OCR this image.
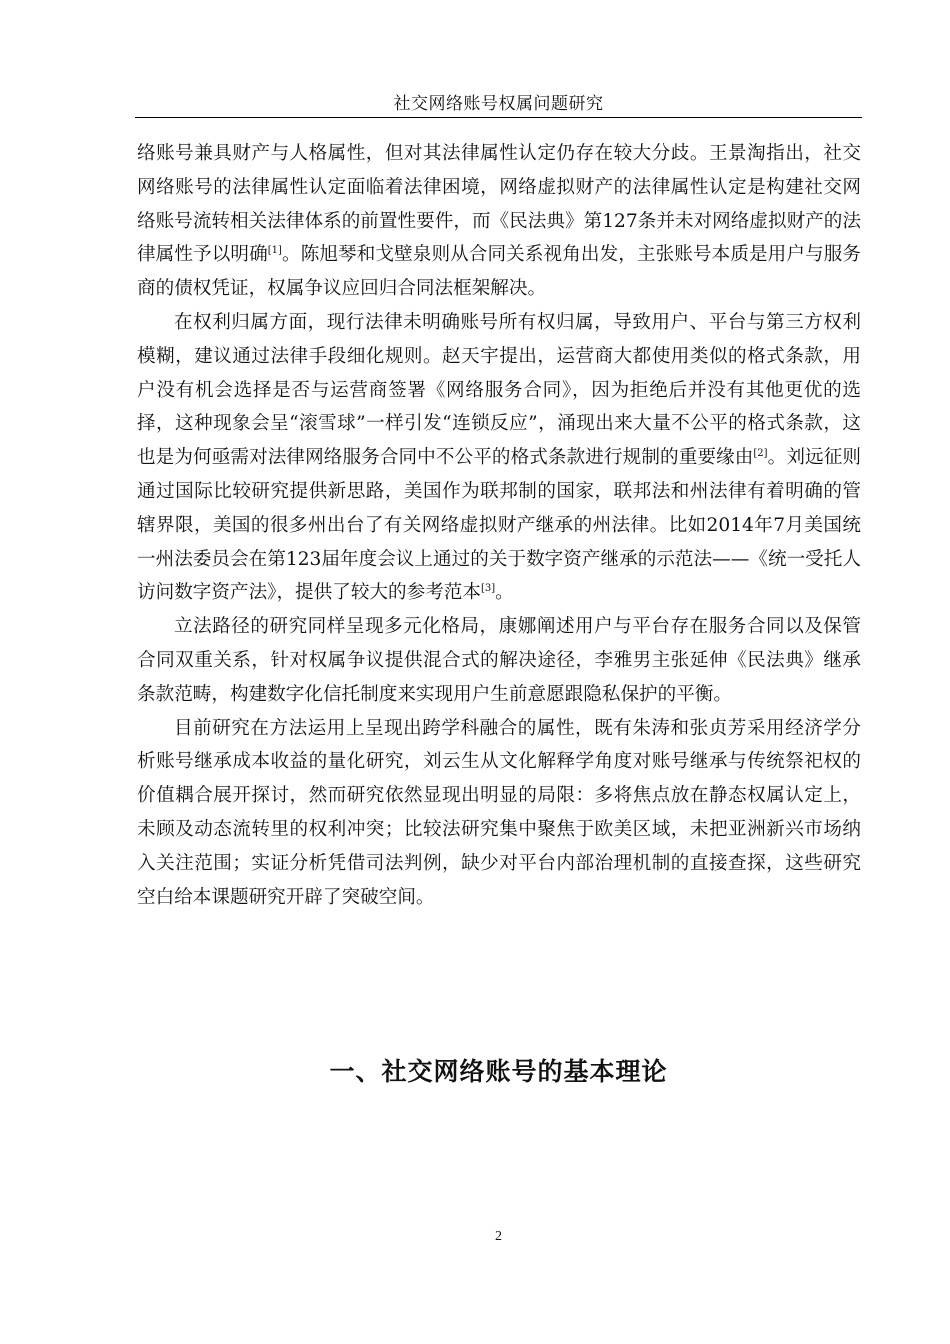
社交网络账号权属问题研究

络账号兼具财产与人格属性，但对其法律属性认定仍存在较大分歧。王景淘指出，社交网络账号的法律属性认定面临着法律困境，网络虚拟财产的法律属性认定是构建社交网络账号流转相关法律体系的前置性要件，而《民法典》第127条并未对网络虚拟财产的法律属性予以明确[1]。陈旭琴和戈壁泉则从合同关系视角出发，主张账号本质是用户与服务商的债权凭证，权属争议应回归合同法框架解决。

在权利归属方面，现行法律未明确账号所有权归属，导致用户、平台与第三方权利模糊，建议通过法律手段细化规则。赵天宇提出，运营商大都使用类似的格式条款，用户没有机会选择是否与运营商签署《网络服务合同》，因为拒绝后并没有其他更优的选择，这种现象会呈“滚雪球”一样引发“连锁反应”，涌现出来大量不公平的格式条款，这也是为何亟需对法律网络服务合同中不公平的格式条款进行规制的重要缘由[2]。刘远征则通过国际比较研究提供新思路，美国作为联邦制的国家，联邦法和州法律有着明确的管辖界限，美国的很多州出台了有关网络虚拟财产继承的州法律。比如2014年7月美国统一州法委员会在第123届年度会议上通过的关于数字资产继承的示范法——《统一受托人访问数字资产法》，提供了较大的参考范本[3]。

立法路径的研究同样呈现多元化格局，康娜阐述用户与平台存在服务合同以及保管合同双重关系，针对权属争议提供混合式的解决途径，李雅男主张延伸《民法典》继承条款范畴，构建数字化信托制度来实现用户生前意愿跟隐私保护的平衡。

目前研究在方法运用上呈现出跨学科融合的属性，既有朱涛和张贞芳采用经济学分析账号继承成本收益的量化研究，刘云生从文化解释学角度对账号继承与传统祭祀权的价值耦合展开探讨，然而研究依然显现出明显的局限：多将焦点放在静态权属认定上，未顾及动态流转里的权利冲突；比较法研究集中聚焦于欧美区域，未把亚洲新兴市场纳入关注范围；实证分析凭借司法判例，缺少对平台内部治理机制的直接查探，这些研究空白给本课题研究开辟了突破空间。

一、社交网络账号的基本理论
2
